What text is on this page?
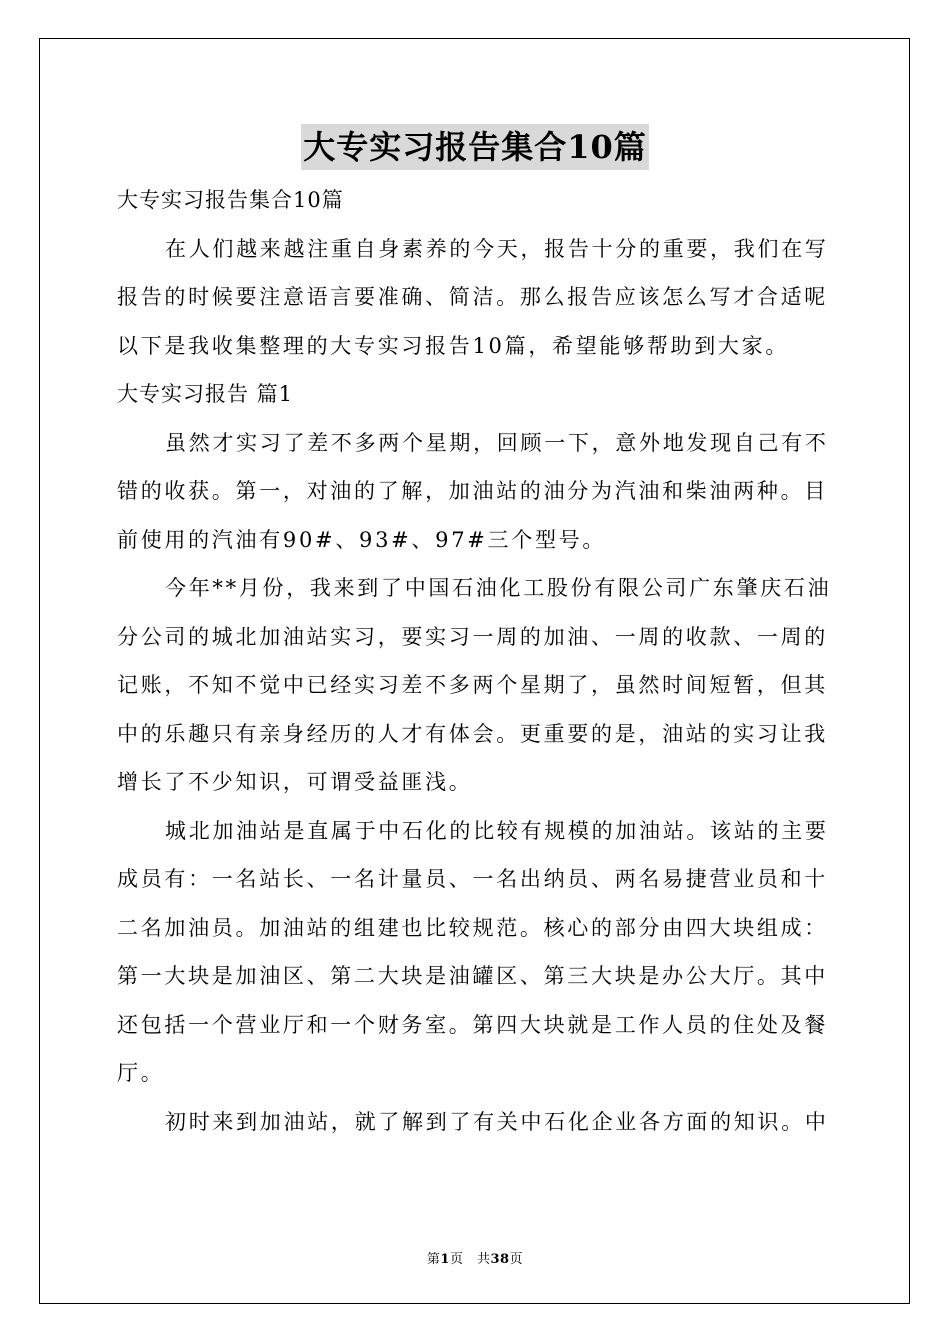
大专实习报告集合10篇
大专实习报告集合10篇
在人们越来越注重自身素养的今天，报告十分的重要，我们在写
报告的时候要注意语言要准确、简洁。那么报告应该怎么写才合适呢
以下是我收集整理的大专实习报告10篇，希望能够帮助到大家。
大专实习报告 篇1
虽然才实习了差不多两个星期，回顾一下，意外地发现自己有不
错的收获。第一，对油的了解，加油站的油分为汽油和柴油两种。目
前使用的汽油有90#、93#、97#三个型号。
今年**月份，我来到了中国石油化工股份有限公司广东肇庆石油
分公司的城北加油站实习，要实习一周的加油、一周的收款、一周的
记账，不知不觉中已经实习差不多两个星期了，虽然时间短暂，但其
中的乐趣只有亲身经历的人才有体会。更重要的是，油站的实习让我
增长了不少知识，可谓受益匪浅。
城北加油站是直属于中石化的比较有规模的加油站。该站的主要
成员有：一名站长、一名计量员、一名出纳员、两名易捷营业员和十
二名加油员。加油站的组建也比较规范。核心的部分由四大块组成：
第一大块是加油区、第二大块是油罐区、第三大块是办公大厅。其中
还包括一个营业厅和一个财务室。第四大块就是工作人员的住处及餐
厅。
初时来到加油站，就了解到了有关中石化企业各方面的知识。中
第1页　共38页
